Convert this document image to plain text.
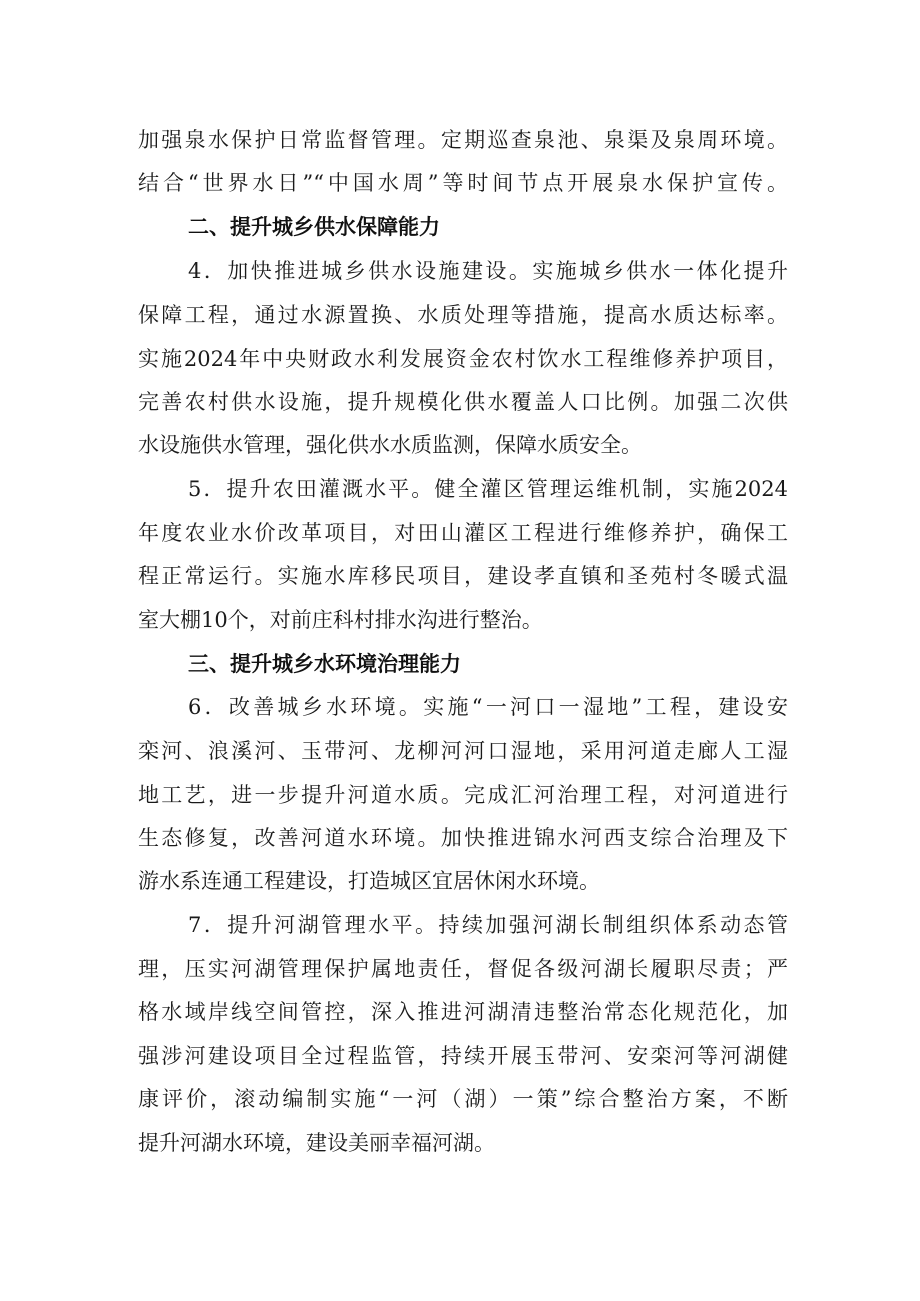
加强泉水保护日常监督管理。定期巡查泉池、泉渠及泉周环境。
结合“世界水日”“中国水周”等时间节点开展泉水保护宣传。
二、提升城乡供水保障能力
4．加快推进城乡供水设施建设。实施城乡供水一体化提升
保障工程，通过水源置换、水质处理等措施，提高水质达标率。
实施2024年中央财政水利发展资金农村饮水工程维修养护项目，
完善农村供水设施，提升规模化供水覆盖人口比例。加强二次供
水设施供水管理，强化供水水质监测，保障水质安全。
5．提升农田灌溉水平。健全灌区管理运维机制，实施2024
年度农业水价改革项目，对田山灌区工程进行维修养护，确保工
程正常运行。实施水库移民项目，建设孝直镇和圣苑村冬暖式温
室大棚10个，对前庄科村排水沟进行整治。
三、提升城乡水环境治理能力
6．改善城乡水环境。实施“一河口一湿地”工程，建设安
栾河、浪溪河、玉带河、龙柳河河口湿地，采用河道走廊人工湿
地工艺，进一步提升河道水质。完成汇河治理工程，对河道进行
生态修复，改善河道水环境。加快推进锦水河西支综合治理及下
游水系连通工程建设，打造城区宜居休闲水环境。
7．提升河湖管理水平。持续加强河湖长制组织体系动态管
理，压实河湖管理保护属地责任，督促各级河湖长履职尽责；严
格水域岸线空间管控，深入推进河湖清违整治常态化规范化，加
强涉河建设项目全过程监管，持续开展玉带河、安栾河等河湖健
康评价，滚动编制实施“一河（湖）一策”综合整治方案，不断
提升河湖水环境，建设美丽幸福河湖。
